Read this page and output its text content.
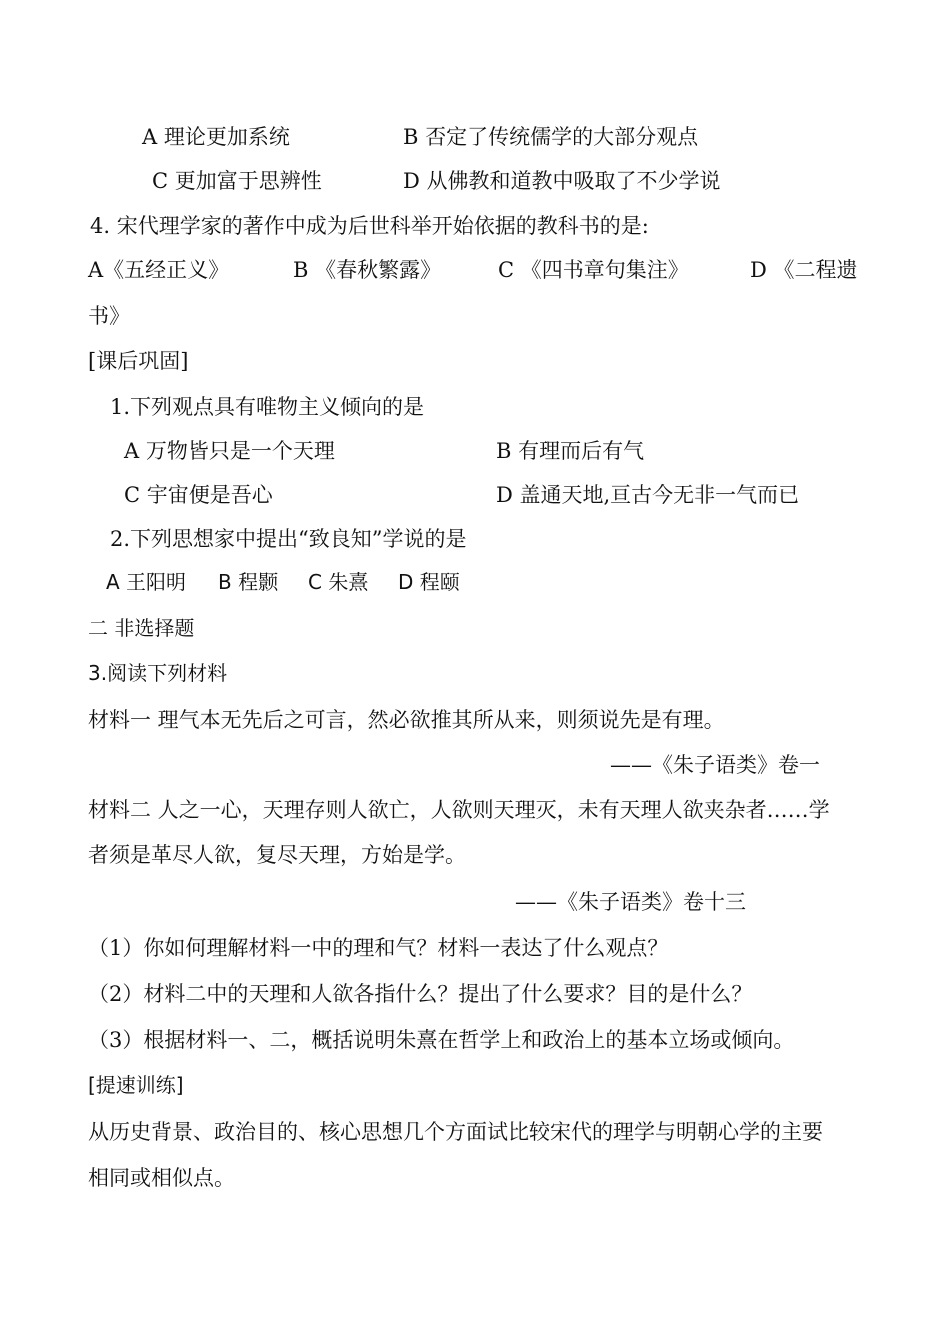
A 理论更加系统	B 否定了传统儒学的大部分观点
C 更加富于思辨性	D 从佛教和道教中吸取了不少学说
4. 宋代理学家的著作中成为后世科举开始依据的教科书的是:
A《五经正义》	B 《春秋繁露》	C 《四书章句集注》	D 《二程遗
书》
[课后巩固]
1.下列观点具有唯物主义倾向的是
A 万物皆只是一个天理	B 有理而后有气
C 宇宙便是吾心	D 盖通天地,亘古今无非一气而已
2.下列思想家中提出“致良知”学说的是
A 王阳明 B 程颢 C 朱熹 D 程颐
二 非选择题
3.阅读下列材料
材料一 理气本无先后之可言，然必欲推其所从来，则须说先是有理。
——《朱子语类》卷一
材料二 人之一心，天理存则人欲亡，人欲则天理灭，未有天理人欲夹杂者……学
者须是革尽人欲，复尽天理，方始是学。
——《朱子语类》卷十三
（1）你如何理解材料一中的理和气？材料一表达了什么观点？
（2）材料二中的天理和人欲各指什么？提出了什么要求？目的是什么？
（3）根据材料一、二，概括说明朱熹在哲学上和政治上的基本立场或倾向。
[提速训练]
从历史背景、政治目的、核心思想几个方面试比较宋代的理学与明朝心学的主要
相同或相似点。
